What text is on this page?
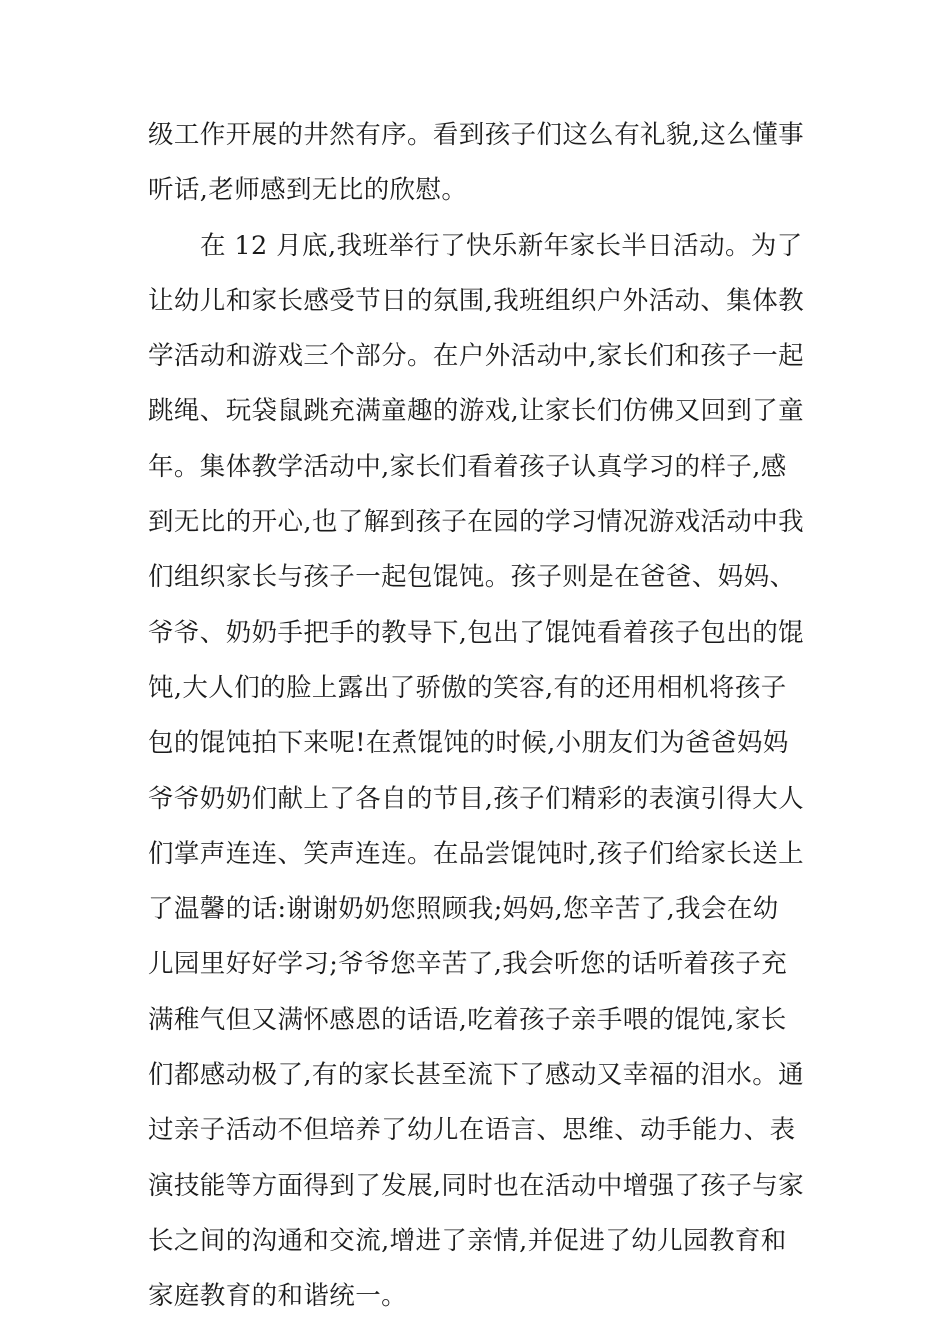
级工作开展的井然有序。看到孩子们这么有礼貌,这么懂事
听话,老师感到无比的欣慰。
在 12 月底,我班举行了快乐新年家长半日活动。为了
让幼儿和家长感受节日的氛围,我班组织户外活动、集体教
学活动和游戏三个部分。在户外活动中,家长们和孩子一起
跳绳、玩袋鼠跳充满童趣的游戏,让家长们仿佛又回到了童
年。集体教学活动中,家长们看着孩子认真学习的样子,感
到无比的开心,也了解到孩子在园的学习情况游戏活动中我
们组织家长与孩子一起包馄饨。孩子则是在爸爸、妈妈、
爷爷、奶奶手把手的教导下,包出了馄饨看着孩子包出的馄
饨,大人们的脸上露出了骄傲的笑容,有的还用相机将孩子
包的馄饨拍下来呢!在煮馄饨的时候,小朋友们为爸爸妈妈
爷爷奶奶们献上了各自的节目,孩子们精彩的表演引得大人
们掌声连连、笑声连连。在品尝馄饨时,孩子们给家长送上
了温馨的话:谢谢奶奶您照顾我;妈妈,您辛苦了,我会在幼
儿园里好好学习;爷爷您辛苦了,我会听您的话听着孩子充
满稚气但又满怀感恩的话语,吃着孩子亲手喂的馄饨,家长
们都感动极了,有的家长甚至流下了感动又幸福的泪水。通
过亲子活动不但培养了幼儿在语言、思维、动手能力、表
演技能等方面得到了发展,同时也在活动中增强了孩子与家
长之间的沟通和交流,增进了亲情,并促进了幼儿园教育和
家庭教育的和谐统一。
